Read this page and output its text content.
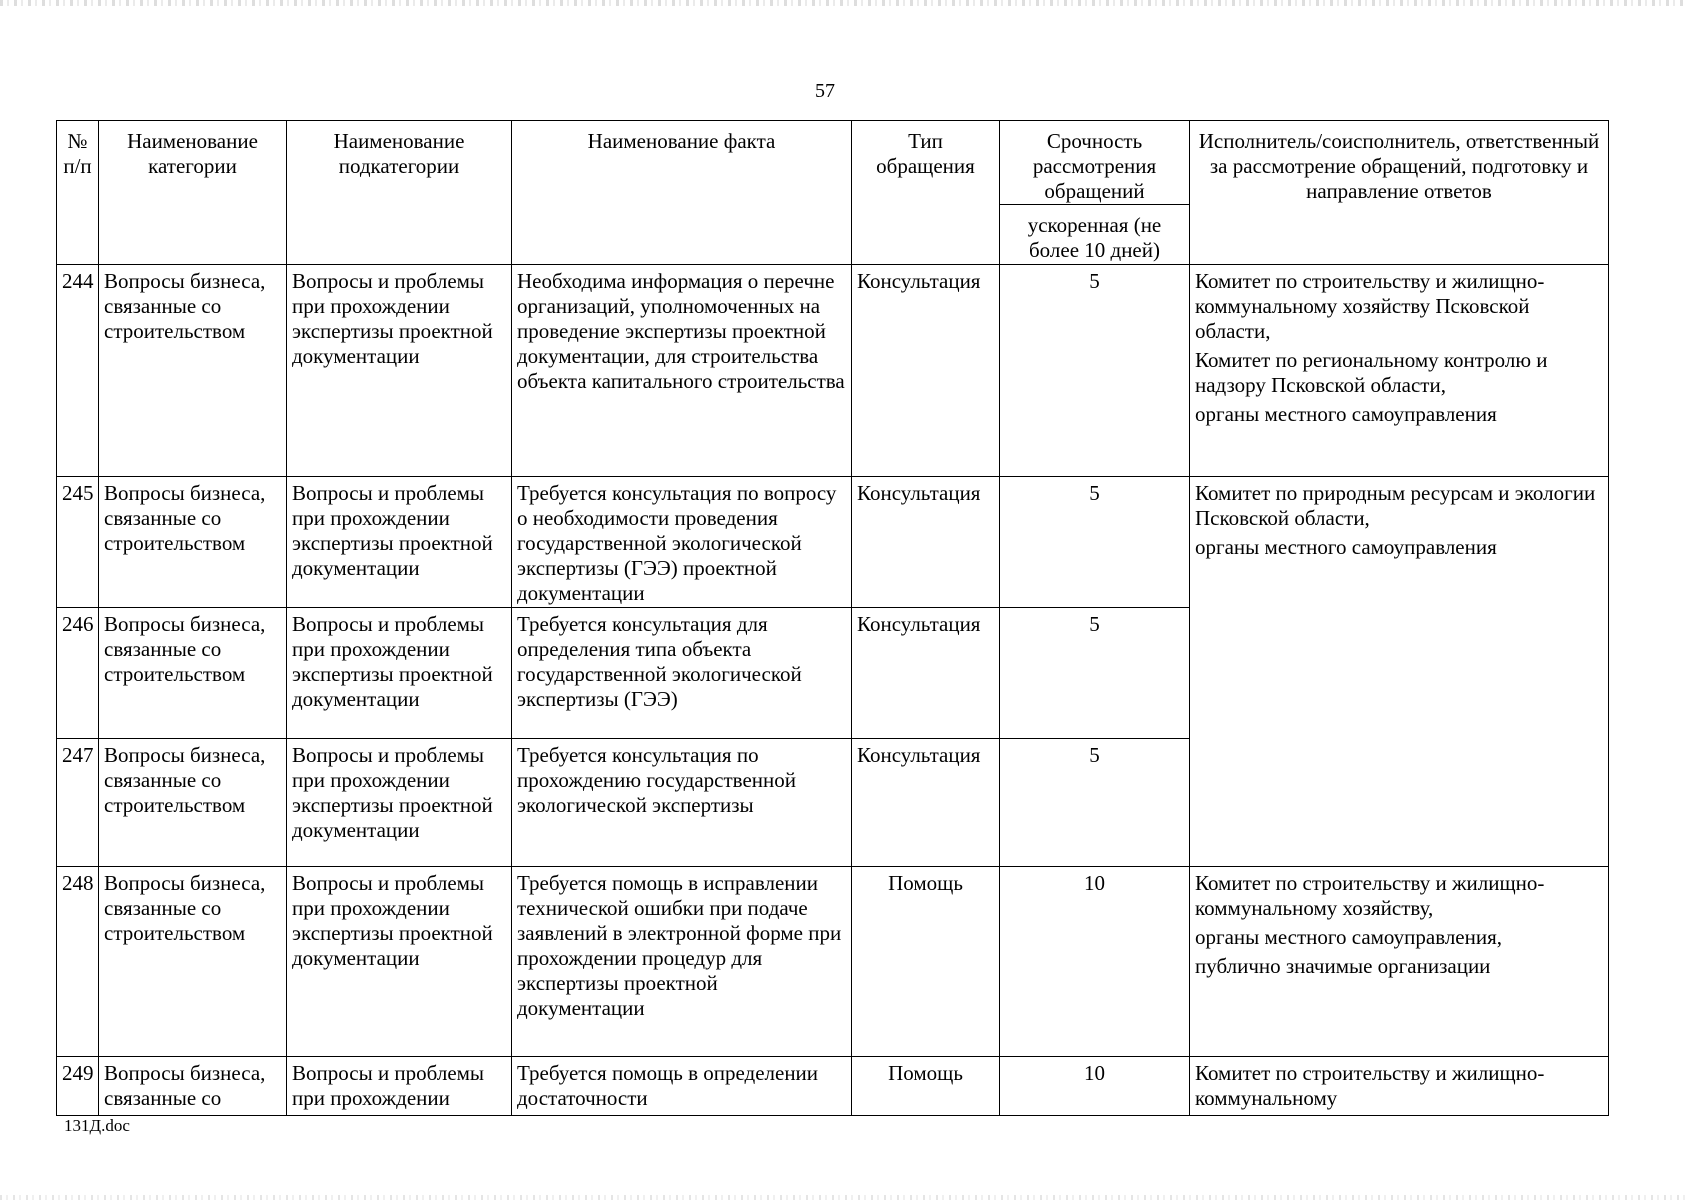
57
№ п/п	Наименование категории	Наименование подкатегории	Наименование факта	Тип обращения	Срочность рассмотрения обращений	Исполнитель/соисполнитель, ответственный за рассмотрение обращений, подготовку и направление ответов
					ускоренная (не более 10 дней)	
244	Вопросы бизнеса, связанные со строительством	Вопросы и проблемы при прохождении экспертизы проектной документации	Необходима информация о перечне организаций, уполномоченных на проведение экспертизы проектной документации, для строительства объекта капитального строительства	Консультация	5	Комитет по строительству и жилищно-коммунальному хозяйству Псковской области,
Комитет по региональному контролю и надзору Псковской области,
органы местного самоуправления

245	Вопросы бизнеса, связанные со строительством	Вопросы и проблемы при прохождении экспертизы проектной документации	Требуется консультация по вопросу о необходимости проведения государственной экологической экспертизы (ГЭЭ) проектной документации	Консультация	5	Комитет по природным ресурсам и экологии Псковской области,
органы местного самоуправления

246	Вопросы бизнеса, связанные со строительством	Вопросы и проблемы при прохождении экспертизы проектной документации	Требуется консультация для определения типа объекта государственной экологической экспертизы (ГЭЭ)	Консультация	5	
247	Вопросы бизнеса, связанные со строительством	Вопросы и проблемы при прохождении экспертизы проектной документации	Требуется консультация по прохождению государственной экологической экспертизы	Консультация	5	
248	Вопросы бизнеса, связанные со строительством	Вопросы и проблемы при прохождении экспертизы проектной документации	Требуется помощь в исправлении технической ошибки при подаче заявлений в электронной форме при прохождении процедур для экспертизы проектной документации	Помощь	10	Комитет по строительству и жилищно-коммунальному хозяйству,
органы местного самоуправления,
публично значимые организации

249	Вопросы бизнеса, связанные со	Вопросы и проблемы при прохождении	Требуется помощь в определении достаточности	Помощь	10	Комитет по строительству и жилищно-коммунальному
131Д.doc
